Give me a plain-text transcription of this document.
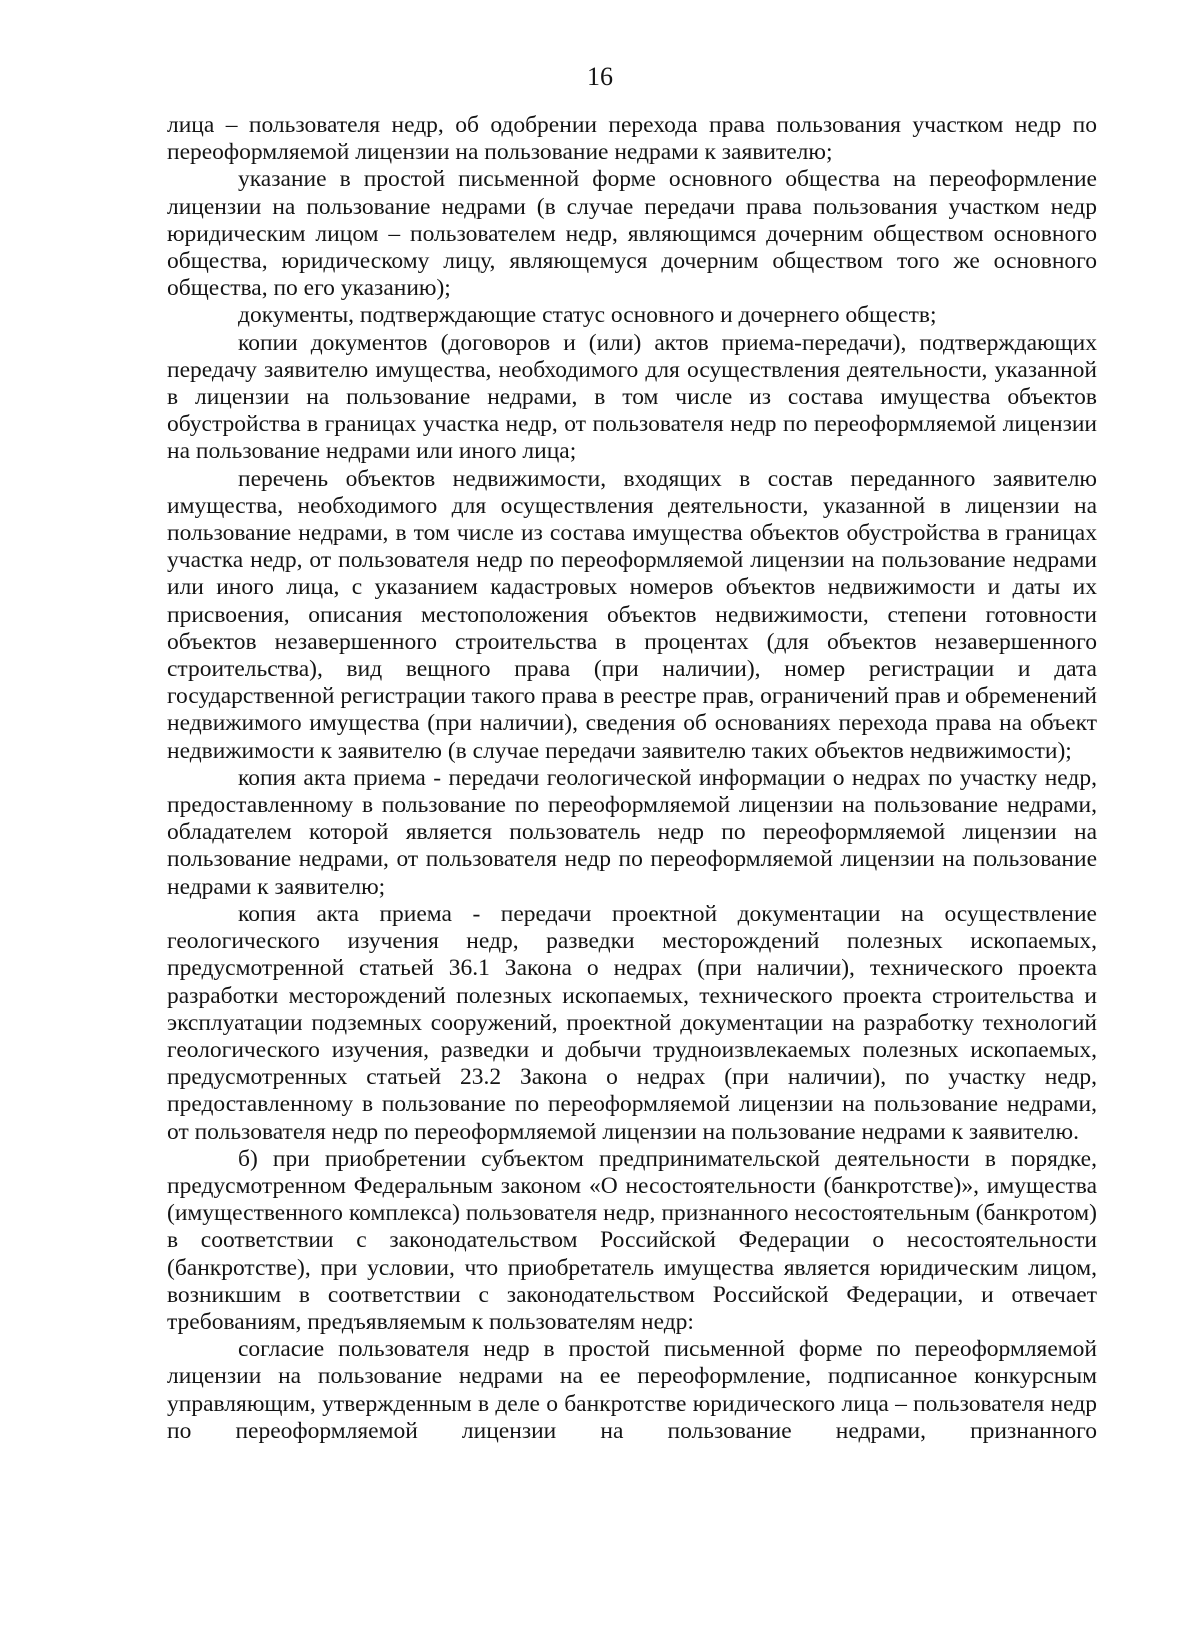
16

лица – пользователя недр, об одобрении перехода права пользования участком недр по переоформляемой лицензии на пользование недрами к заявителю;

указание в простой письменной форме основного общества на переоформление лицензии на пользование недрами (в случае передачи права пользования участком недр юридическим лицом – пользователем недр, являющимся дочерним обществом основного общества, юридическому лицу, являющемуся дочерним обществом того же основного общества, по его указанию);

документы, подтверждающие статус основного и дочернего обществ;

копии документов (договоров и (или) актов приема-передачи), подтверждающих передачу заявителю имущества, необходимого для осуществления деятельности, указанной в лицензии на пользование недрами, в том числе из состава имущества объектов обустройства в границах участка недр, от пользователя недр по переоформляемой лицензии на пользование недрами или иного лица;

перечень объектов недвижимости, входящих в состав переданного заявителю имущества, необходимого для осуществления деятельности, указанной в лицензии на пользование недрами, в том числе из состава имущества объектов обустройства в границах участка недр, от пользователя недр по переоформляемой лицензии на пользование недрами или иного лица, с указанием кадастровых номеров объектов недвижимости и даты их присвоения, описания местоположения объектов недвижимости, степени готовности объектов незавершенного строительства в процентах (для объектов незавершенного строительства), вид вещного права (при наличии), номер регистрации и дата государственной регистрации такого права в реестре прав, ограничений прав и обременений недвижимого имущества (при наличии), сведения об основаниях перехода права на объект недвижимости к заявителю (в случае передачи заявителю таких объектов недвижимости);

копия акта приема - передачи геологической информации о недрах по участку недр, предоставленному в пользование по переоформляемой лицензии на пользование недрами, обладателем которой является пользователь недр по переоформляемой лицензии на пользование недрами, от пользователя недр по переоформляемой лицензии на пользование недрами к заявителю;

копия акта приема - передачи проектной документации на осуществление геологического изучения недр, разведки месторождений полезных ископаемых, предусмотренной статьей 36.1 Закона о недрах (при наличии), технического проекта разработки месторождений полезных ископаемых, технического проекта строительства и эксплуатации подземных сооружений, проектной документации на разработку технологий геологического изучения, разведки и добычи трудноизвлекаемых полезных ископаемых, предусмотренных статьей 23.2 Закона о недрах (при наличии), по участку недр, предоставленному в пользование по переоформляемой лицензии на пользование недрами, от пользователя недр по переоформляемой лицензии на пользование недрами к заявителю.

б) при приобретении субъектом предпринимательской деятельности в порядке, предусмотренном Федеральным законом «О несостоятельности (банкротстве)», имущества (имущественного комплекса) пользователя недр, признанного несостоятельным (банкротом) в соответствии с законодательством Российской Федерации о несостоятельности (банкротстве), при условии, что приобретатель имущества является юридическим лицом, возникшим в соответствии с законодательством Российской Федерации, и отвечает требованиям, предъявляемым к пользователям недр:

согласие пользователя недр в простой письменной форме по переоформляемой лицензии на пользование недрами на ее переоформление, подписанное конкурсным управляющим, утвержденным в деле о банкротстве юридического лица – пользователя недр по переоформляемой лицензии на пользование недрами, признанного
